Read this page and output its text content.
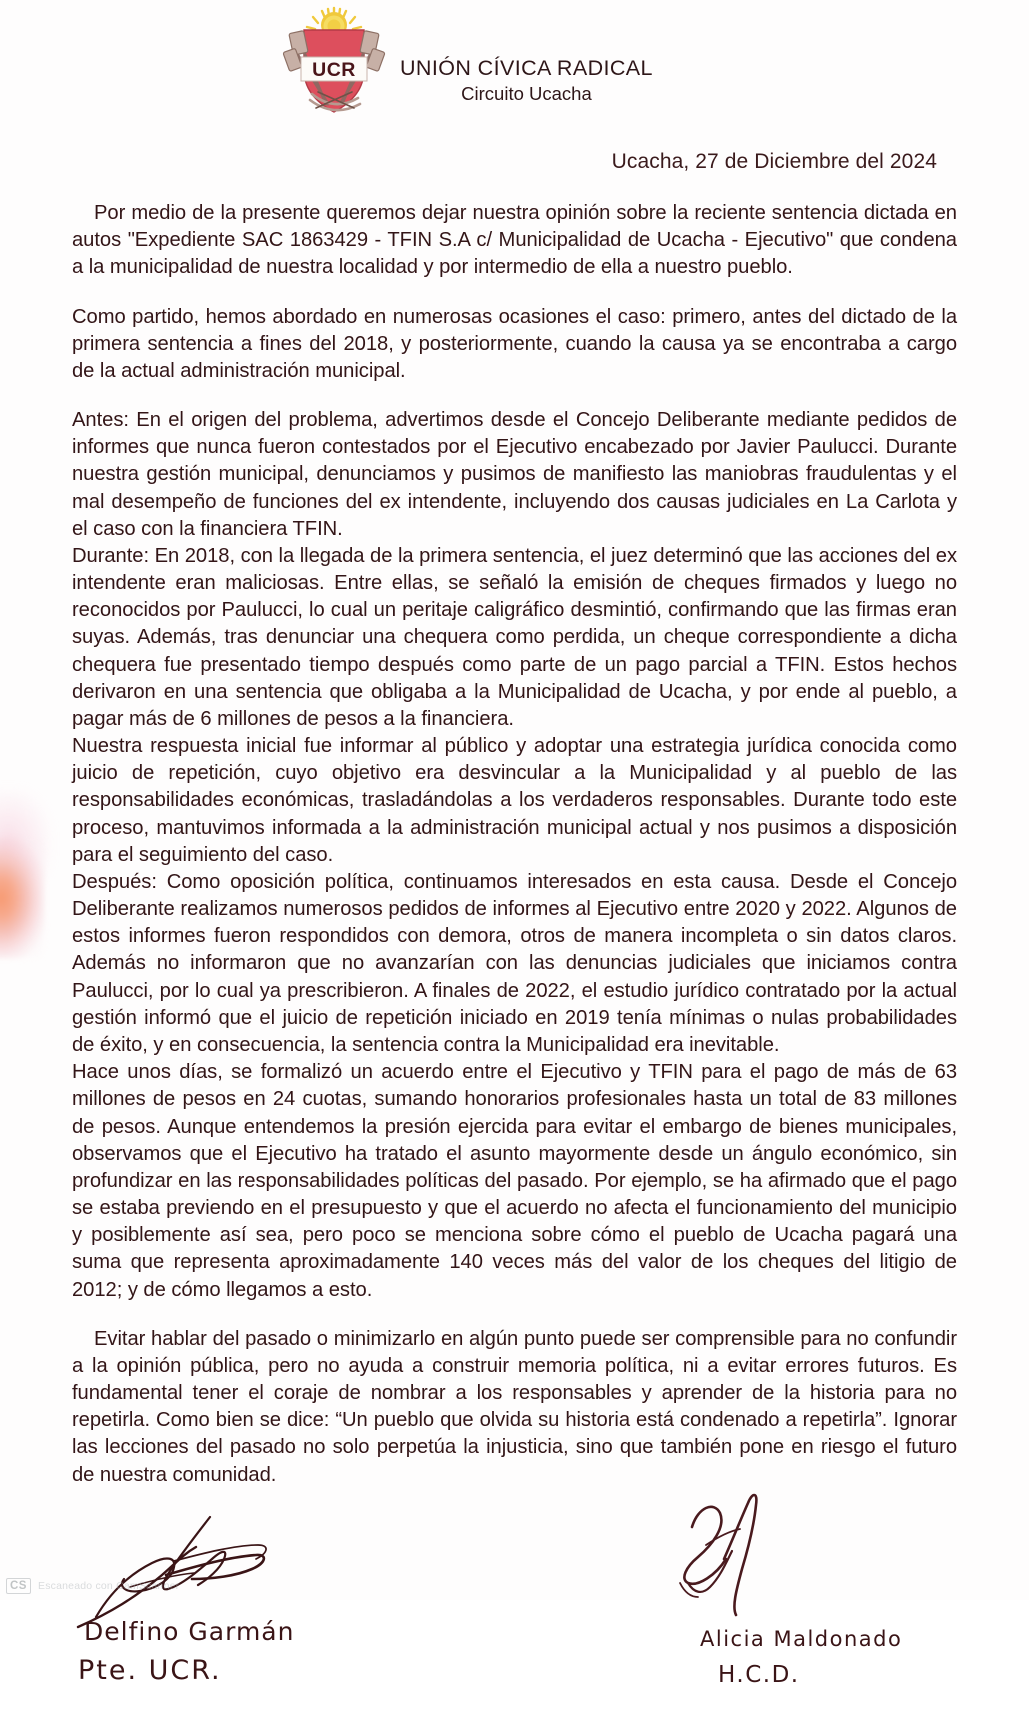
UCR UNIÓN CÍVICA RADICAL
Circuito Ucacha
Ucacha, 27 de Diciembre del 2024

Por medio de la presente queremos dejar nuestra opinión sobre la reciente sentencia dictada en autos "Expediente SAC 1863429 - TFIN S.A c/ Municipalidad de Ucacha - Ejecutivo" que condena a la municipalidad de nuestra localidad y por intermedio de ella a nuestro pueblo.

Como partido, hemos abordado en numerosas ocasiones el caso: primero, antes del dictado de la primera sentencia a fines del 2018, y posteriormente, cuando la causa ya se encontraba a cargo de la actual administración municipal.

Antes: En el origen del problema, advertimos desde el Concejo Deliberante mediante pedidos de informes que nunca fueron contestados por el Ejecutivo encabezado por Javier Paulucci. Durante nuestra gestión municipal, denunciamos y pusimos de manifiesto las maniobras fraudulentas y el mal desempeño de funciones del ex intendente, incluyendo dos causas judiciales en La Carlota y el caso con la financiera TFIN.

Durante: En 2018, con la llegada de la primera sentencia, el juez determinó que las acciones del ex intendente eran maliciosas. Entre ellas, se señaló la emisión de cheques firmados y luego no reconocidos por Paulucci, lo cual un peritaje caligráfico desmintió, confirmando que las firmas eran suyas. Además, tras denunciar una chequera como perdida, un cheque correspondiente a dicha chequera fue presentado tiempo después como parte de un pago parcial a TFIN. Estos hechos derivaron en una sentencia que obligaba a la Municipalidad de Ucacha, y por ende al pueblo, a pagar más de 6 millones de pesos a la financiera.

Nuestra respuesta inicial fue informar al público y adoptar una estrategia jurídica conocida como juicio de repetición, cuyo objetivo era desvincular a la Municipalidad y al pueblo de las responsabilidades económicas, trasladándolas a los verdaderos responsables. Durante todo este proceso, mantuvimos informada a la administración municipal actual y nos pusimos a disposición para el seguimiento del caso.

Después: Como oposición política, continuamos interesados en esta causa. Desde el Concejo Deliberante realizamos numerosos pedidos de informes al Ejecutivo entre 2020 y 2022. Algunos de estos informes fueron respondidos con demora, otros de manera incompleta o sin datos claros. Además no informaron que no avanzarían con las denuncias judiciales que iniciamos contra Paulucci, por lo cual ya prescribieron. A finales de 2022, el estudio jurídico contratado por la actual gestión informó que el juicio de repetición iniciado en 2019 tenía mínimas o nulas probabilidades de éxito, y en consecuencia, la sentencia contra la Municipalidad era inevitable.

Hace unos días, se formalizó un acuerdo entre el Ejecutivo y TFIN para el pago de más de 63 millones de pesos en 24 cuotas, sumando honorarios profesionales hasta un total de 83 millones de pesos. Aunque entendemos la presión ejercida para evitar el embargo de bienes municipales, observamos que el Ejecutivo ha tratado el asunto mayormente desde un ángulo económico, sin profundizar en las responsabilidades políticas del pasado. Por ejemplo, se ha afirmado que el pago se estaba previendo en el presupuesto y que el acuerdo no afecta el funcionamiento del municipio y posiblemente así sea, pero poco se menciona sobre cómo el pueblo de Ucacha pagará una suma que representa aproximadamente 140 veces más del valor de los cheques del litigio de 2012; y de cómo llegamos a esto.

Evitar hablar del pasado o minimizarlo en algún punto puede ser comprensible para no confundir a la opinión pública, pero no ayuda a construir memoria política, ni a evitar errores futuros. Es fundamental tener el coraje de nombrar a los responsables y aprender de la historia para no repetirla. Como bien se dice: “Un pueblo que olvida su historia está condenado a repetirla”. Ignorar las lecciones del pasado no solo perpetúa la injusticia, sino que también pone en riesgo el futuro de nuestra comunidad.

Delfino Garmán
Pte. UCR.
Alicia Maldonado
H.C.D.
CS	Escaneado con CamScanner
